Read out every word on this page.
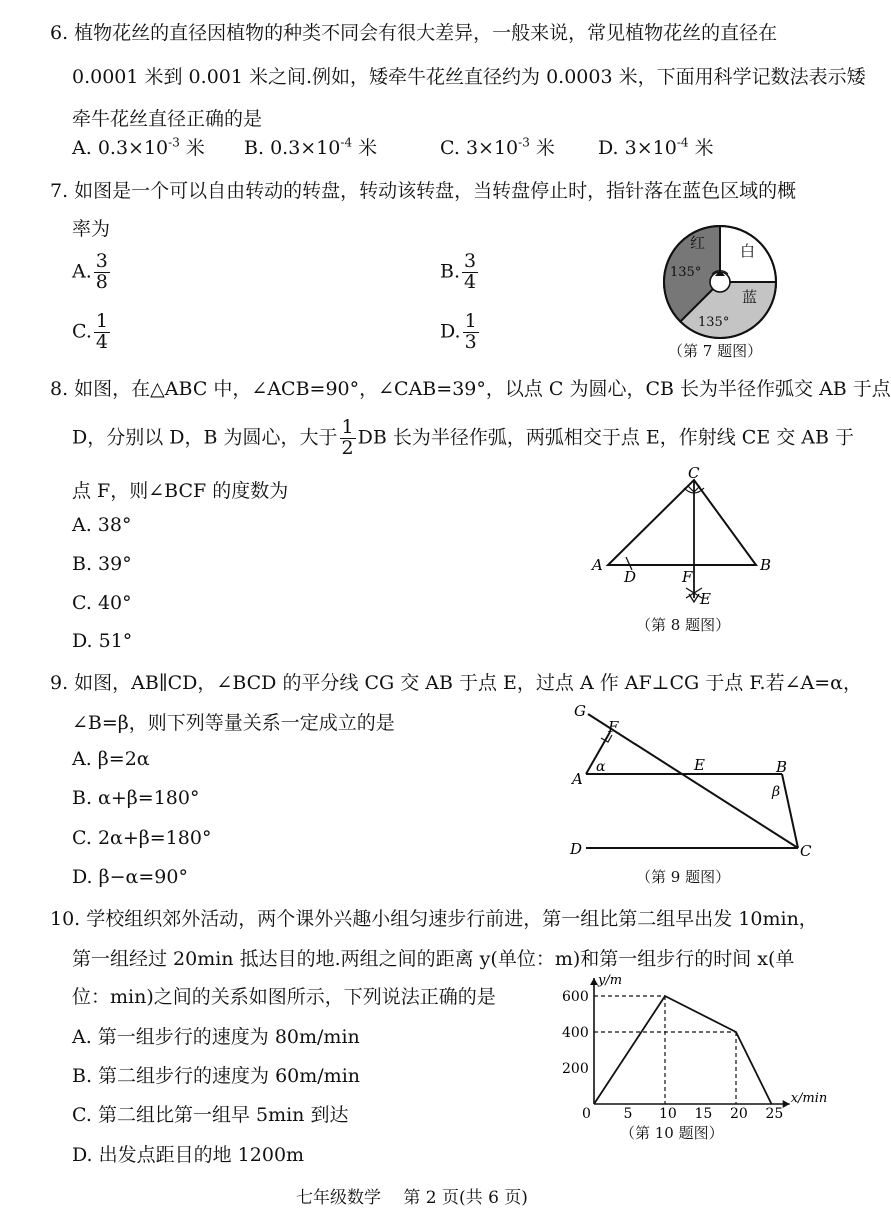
6. 植物花丝的直径因植物的种类不同会有很大差异，一般来说，常见植物花丝的直径在
0.0001 米到 0.001 米之间.例如，矮牵牛花丝直径约为 0.0003 米，下面用科学记数法表示矮
牵牛花丝直径正确的是
A. $0.3\times 10^{-3}$ 米 B. $0.3\times 10^{-4}$ 米	C. $3\times 10^{-3}$ 米 D. $3\times 10^{-4}$ 米
7. 如图是一个可以自由转动的转盘，转动该转盘，当转盘停止时，指针落在蓝色区域的概
率为
A. $\frac{3}{8}$	B. $\frac{3}{4}$
C. $\frac{1}{4}$	D. $\frac{1}{3}$
红
135°
白
蓝
135°
（第 7 题图）
8. 如图，在△ABC 中，∠ACB=90°，∠CAB=39°，以点 C 为圆心，CB 长为半径作弧交 AB 于点
D，分别以 D，B 为圆心，大于 $\frac{1}{2}$ DB 长为半径作弧，两弧相交于点 E，作射线 CE 交 AB 于
点 F，则∠BCF 的度数为
A. 38°
B. 39°
C. 40°
D. 51°
C
A	B
D	F
E
（第 8 题图）
9. 如图，AB∥CD，∠BCD 的平分线 CG 交 AB 于点 E，过点 A 作 AF⊥CG 于点 F.若∠A=α，
∠B=β，则下列等量关系一定成立的是
A. β=2α
B. α+β=180°
C. 2α+β=180°
D. β−α=90°
G
F
α
A
E	B
β
D	C
（第 9 题图）
10. 学校组织郊外活动，两个课外兴趣小组匀速步行前进，第一组比第二组早出发 10min，
第一组经过 20min 抵达目的地.两组之间的距离 y(单位：m)和第一组步行的时间 x(单
位：min)之间的关系如图所示，下列说法正确的是
A. 第一组步行的速度为 80m/min
B. 第二组步行的速度为 60m/min
C. 第二组比第一组早 5min 到达
D. 出发点距目的地 1200m
x/min
y/m
0 5 10 15 20 25
200
400
600
（第 10 题图）
七年级数学　 第 2 页(共 6 页)
